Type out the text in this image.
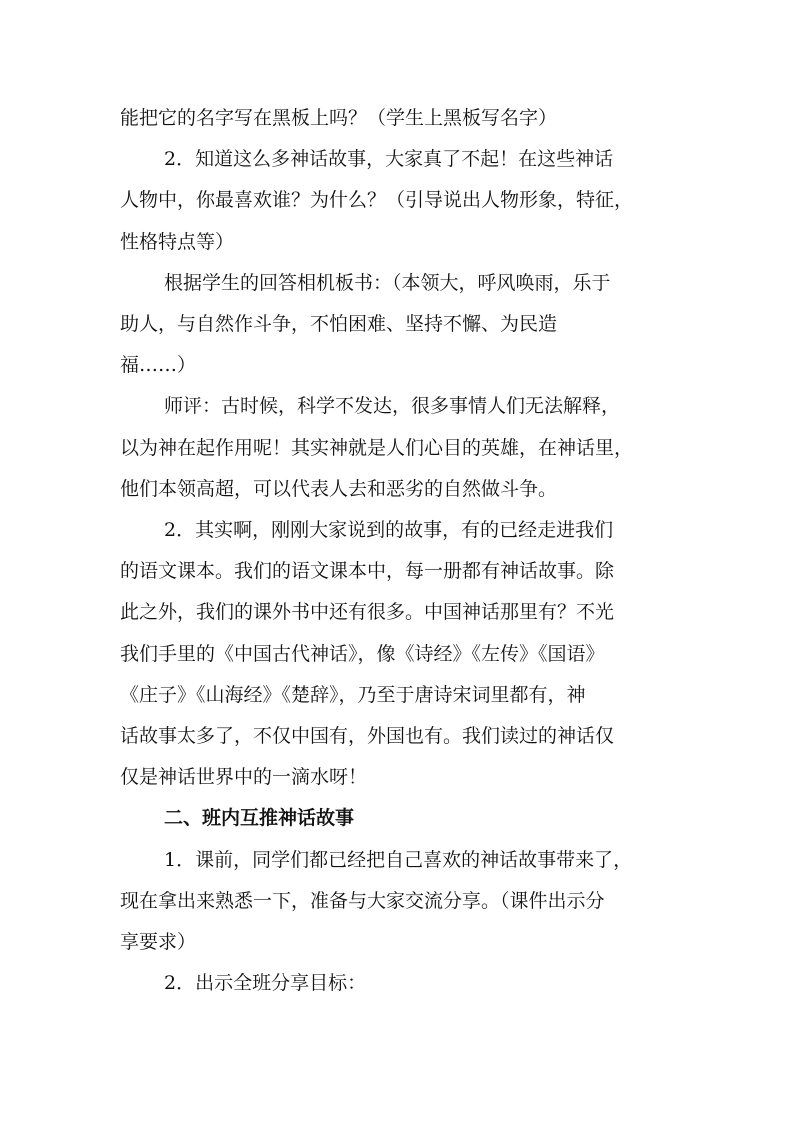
能把它的名字写在黑板上吗？（学生上黑板写名字）

2．知道这么多神话故事，大家真了不起！在这些神话
人物中，你最喜欢谁？为什么？（引导说出人物形象，特征，
性格特点等）

根据学生的回答相机板书：（本领大，呼风唤雨，乐于
助人，与自然作斗争，不怕困难、坚持不懈、为民造
福……）

师评：古时候，科学不发达，很多事情人们无法解释，
以为神在起作用呢！其实神就是人们心目的英雄，在神话里，
他们本领高超，可以代表人去和恶劣的自然做斗争。

2．其实啊，刚刚大家说到的故事，有的已经走进我们
的语文课本。我们的语文课本中，每一册都有神话故事。除
此之外，我们的课外书中还有很多。中国神话那里有？不光
我们手里的《中国古代神话》，像《诗经》《左传》《国语》
《庄子》《山海经》《楚辞》，乃至于唐诗宋词里都有，神
话故事太多了，不仅中国有，外国也有。我们读过的神话仅
仅是神话世界中的一滴水呀！

二、班内互推神话故事

1．课前，同学们都已经把自己喜欢的神话故事带来了，
现在拿出来熟悉一下，准备与大家交流分享。（课件出示分
享要求）

2．出示全班分享目标：
